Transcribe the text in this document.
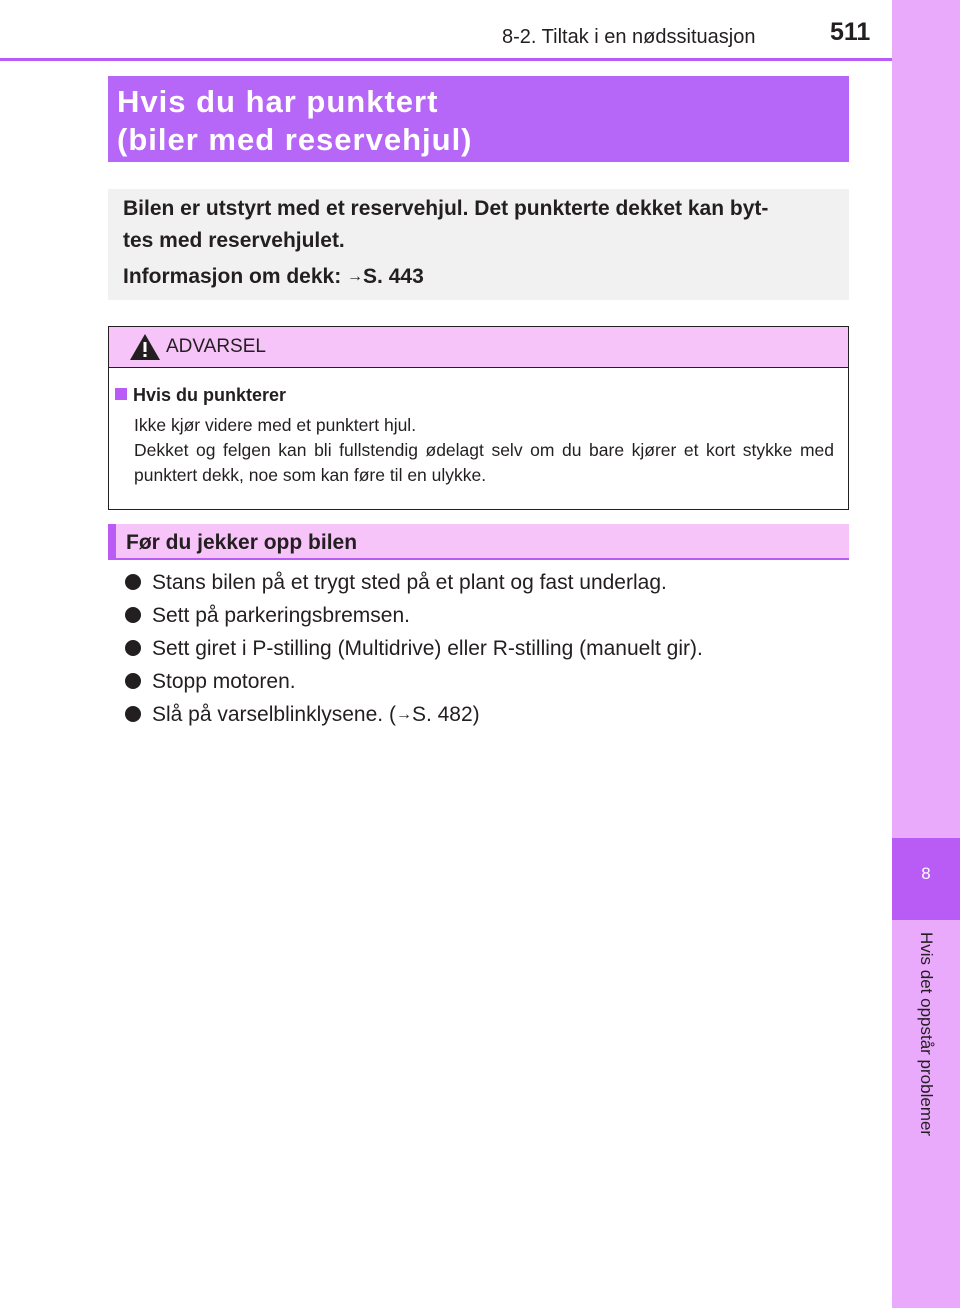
8
Hvis det oppstår problemer
8-2. Tiltak i en nødssituasjon	511
Hvis du har punktert
(biler med reservehjul)
Bilen er utstyrt med et reservehjul. Det punkterte dekket kan byt-
tes med reservehjulet.
Informasjon om dekk: →S. 443
ADVARSEL
Hvis du punkterer

Ikke kjør videre med et punktert hjul.

Dekket og felgen kan bli fullstendig ødelagt selv om du bare kjører et kort stykke med punktert dekk, noe som kan føre til en ulykke.

Før du jekker opp bilen
Stans bilen på et trygt sted på et plant og fast underlag.
Sett på parkeringsbremsen.
Sett giret i P-stilling (Multidrive) eller R-stilling (manuelt gir).
Stopp motoren.
Slå på varselblinklysene. (→S. 482)
